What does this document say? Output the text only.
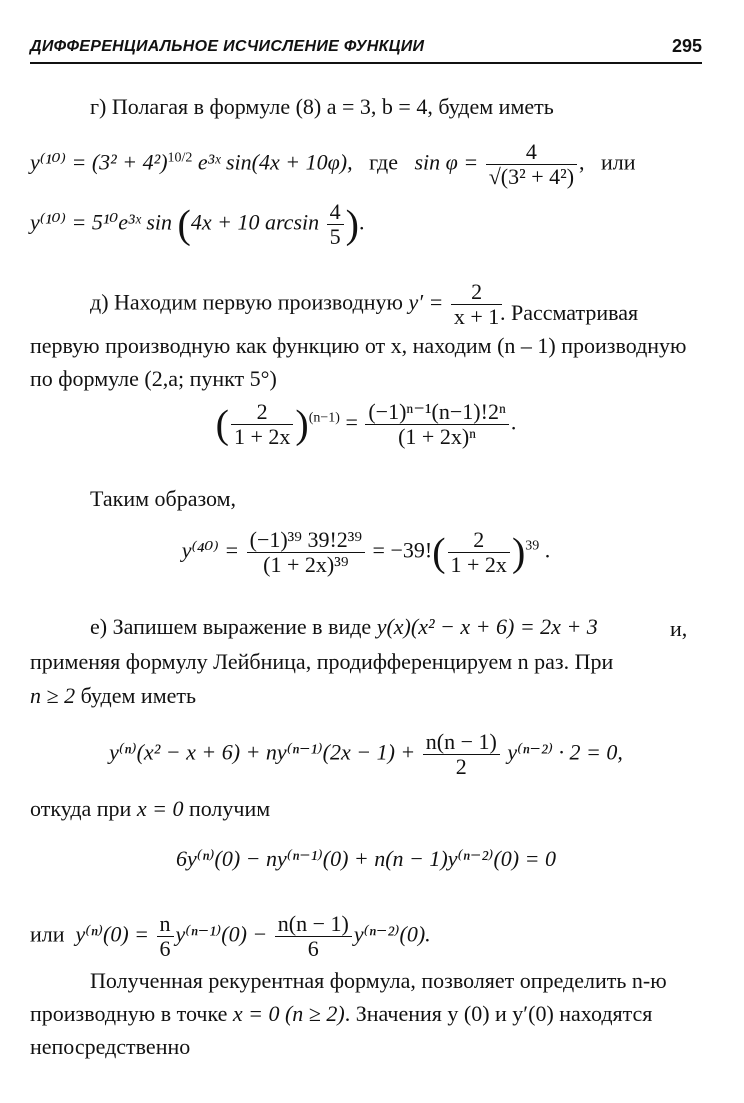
ДИФФЕРЕНЦИАЛЬНОЕ ИСЧИСЛЕНИЕ ФУНКЦИИ	295

г) Полагая в формуле (8) a = 3, b = 4, будем иметь

$y^{(10)} = (3^2 + 4^2)^{10/2}$ e³ˣ sin(4x + 10φ), где $\sin \varphi = \frac{4}{\text{√(3² + 4²)}}$ ,   или
y⁽¹⁰⁾ = 5¹⁰e³ˣ sin (4x + 10 $\arcsin \frac{4}{5}$ ).
д) Находим первую производную $y' = \frac{2}{x + 1}$

. Рассматривая первую производную как функцию от x, находим (n – 1) производную по формуле (2,а; пункт 5°)

( $\frac{2}{1 + 2x} )^{(n-1)} = \frac{\text{(−1)ⁿ⁻¹(n−1)!2ⁿ}}{\text{(1 + 2x)ⁿ}}$ .

Таким образом,

$y^{(40)} = \frac{\text{(−1)³⁹ 39!2³⁹}}{\text{(1 + 2x)³⁹}} = -39!( \frac{2}{1 + 2x} )^{39}$ .
е) Запишем выражение в виде y(x)(x² − x + 6) = 2x + 3	и, применяя формулу Лейбница, продифференцируем n раз. При

n ≥ 2 будем иметь
$y^{(n)}(x^2 - x + 6) + ny^{(n-1)}(2x - 1) + \frac{n(n - 1)}{2} y^{(n-2)} \cdot 2 = 0$,
откуда при x = 0 получим
6y⁽ⁿ⁾(0) − ny⁽ⁿ⁻¹⁾(0) + n(n − 1)y⁽ⁿ⁻²⁾(0) = 0
или $y^{(n)}(0) = \frac{n}{6} y^{(n-1)}(0) - \frac{n(n - 1)}{6} y^{(n-2)}(0)$.

Полученная рекурентная формула, позволяет определить n-ю производную в точке x = 0 (n ≥ 2). Значения y (0) и y′(0) находятся непосредственно
